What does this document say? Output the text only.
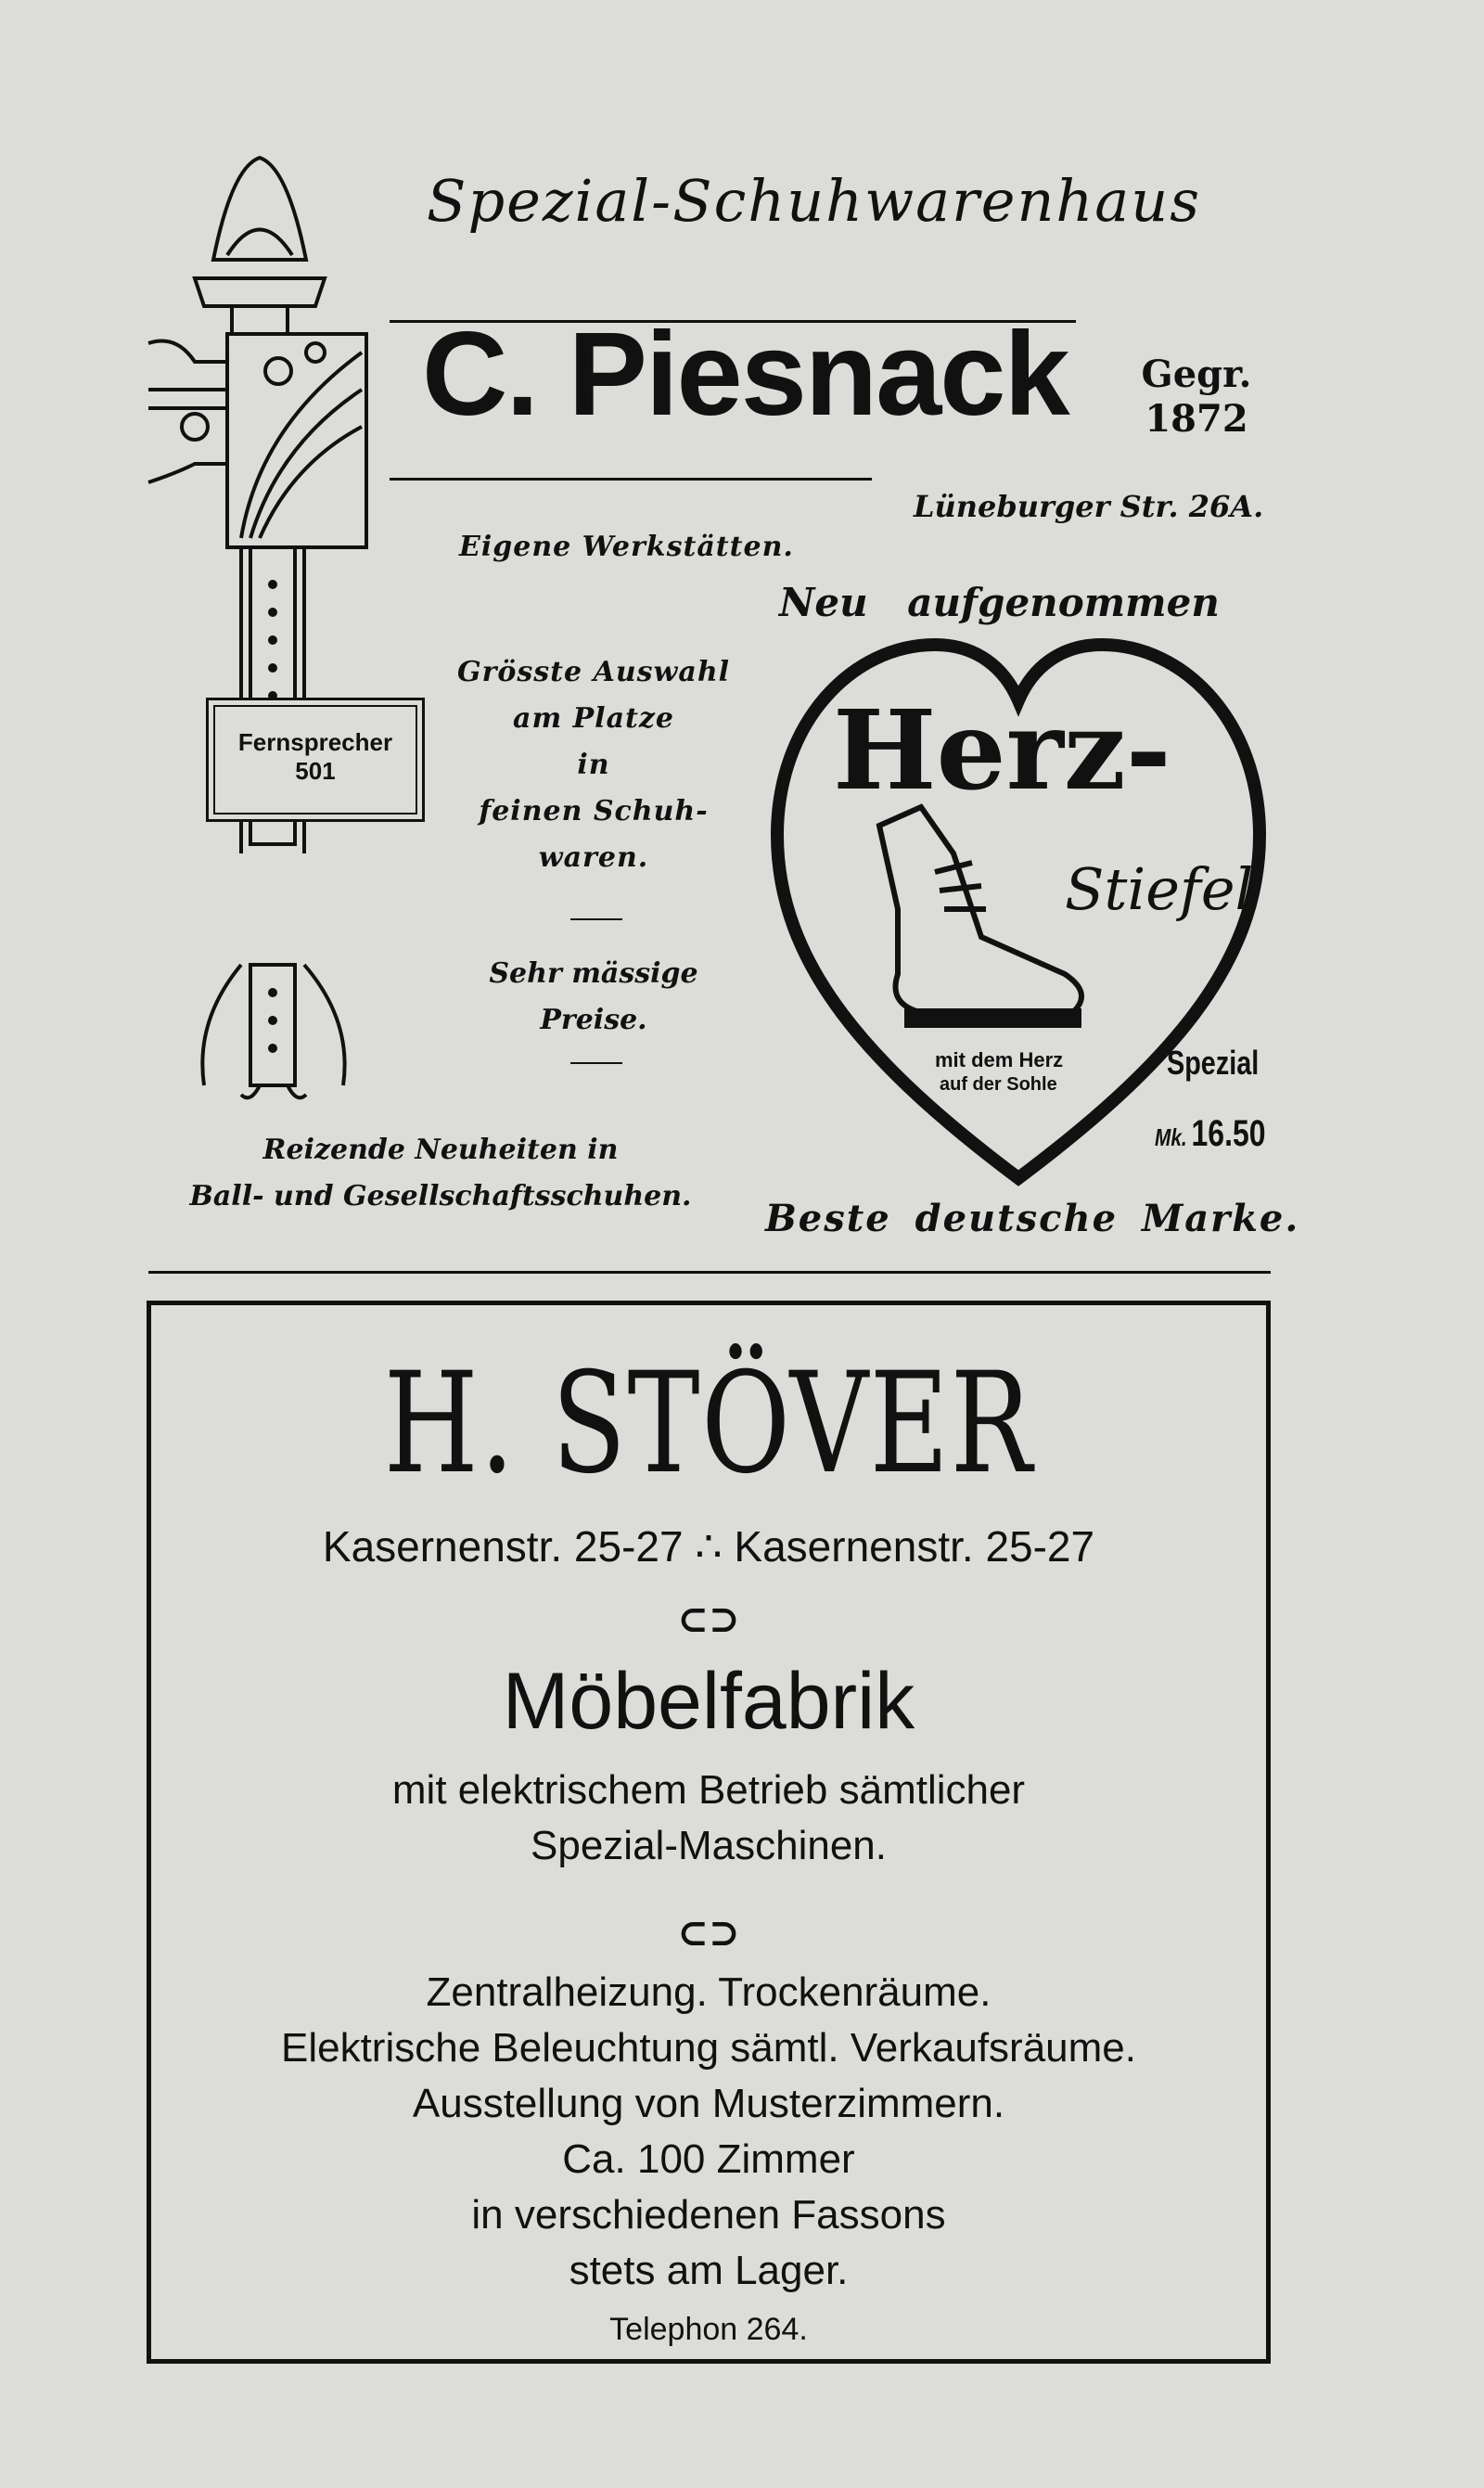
Spezial-Schuhwarenhaus
C. Piesnack Gegr.
1872
Lüneburger Str. 26A.
Eigene Werkstätten.
Neu aufgenommen
Fernsprecher
501
Grösste Auswahl
am Platze
in
feinen Schuh-
waren.
Sehr mässige
Preise.
Reizende Neuheiten in
Ball- und Gesellschaftsschuhen.
Herz-
Stiefel
mit dem Herz
auf der Sohle
Spezial
Mk. 16.50
Beste deutsche Marke.
H. STÖVER
Kasernenstr. 25-27 ∴ Kasernenstr. 25-27
⊂⊃
Möbelfabrik
mit elektrischem Betrieb sämtlicher
Spezial-Maschinen.
⊂⊃
Zentralheizung. Trockenräume.
Elektrische Beleuchtung sämtl. Verkaufsräume.
Ausstellung von Musterzimmern.
Ca. 100 Zimmer
in verschiedenen Fassons
stets am Lager.
Telephon 264.
